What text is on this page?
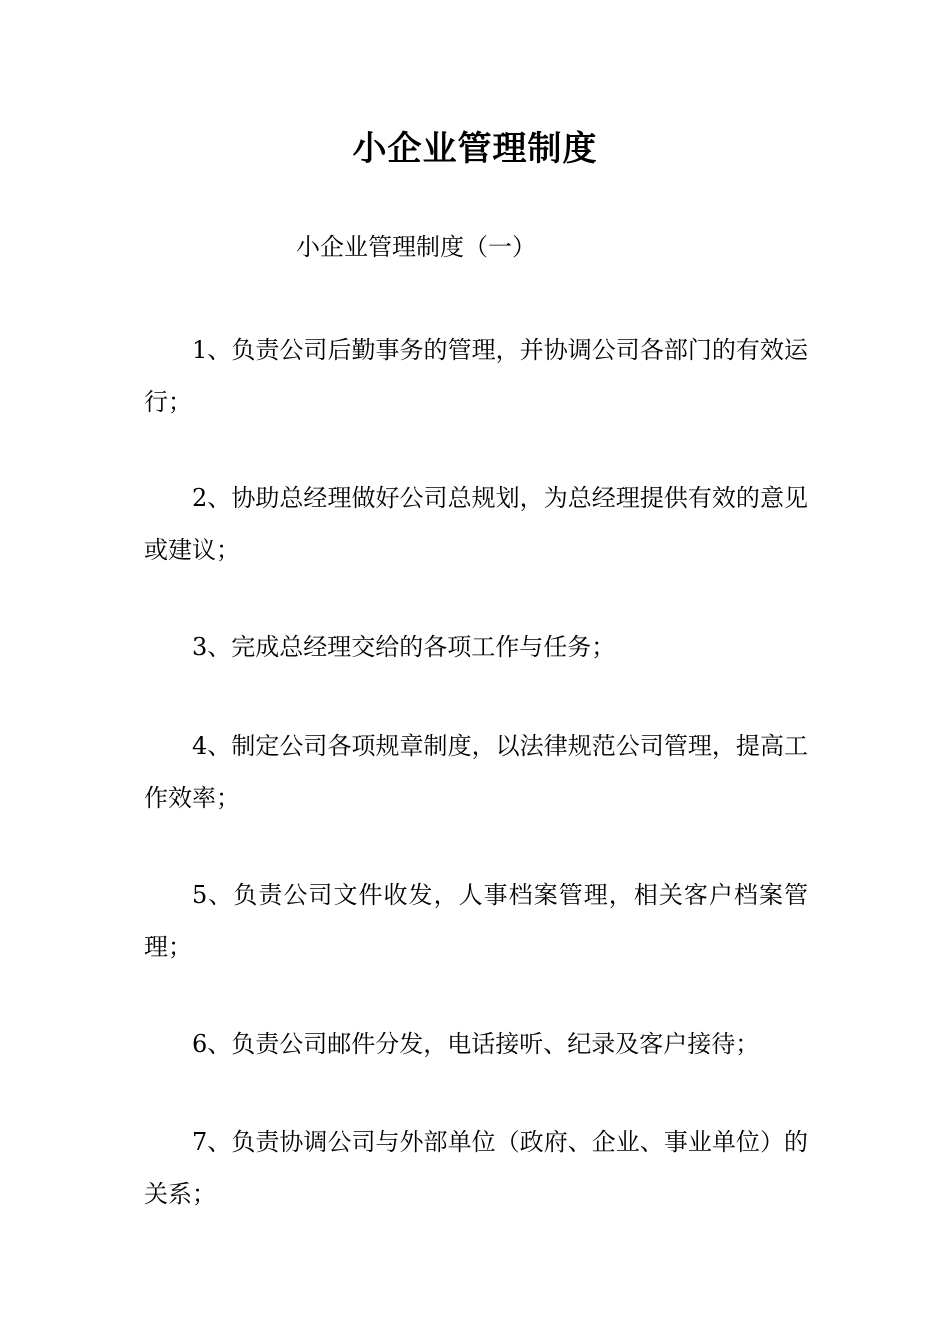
小企业管理制度
小企业管理制度（一）

1、负责公司后勤事务的管理，并协调公司各部门的有效运行；

2、协助总经理做好公司总规划，为总经理提供有效的意见或建议；

3、完成总经理交给的各项工作与任务；

4、制定公司各项规章制度，以法律规范公司管理，提高工作效率；

5、负责公司文件收发，人事档案管理，相关客户档案管理；

6、负责公司邮件分发，电话接听、纪录及客户接待；

7、负责协调公司与外部单位（政府、企业、事业单位）的关系；
